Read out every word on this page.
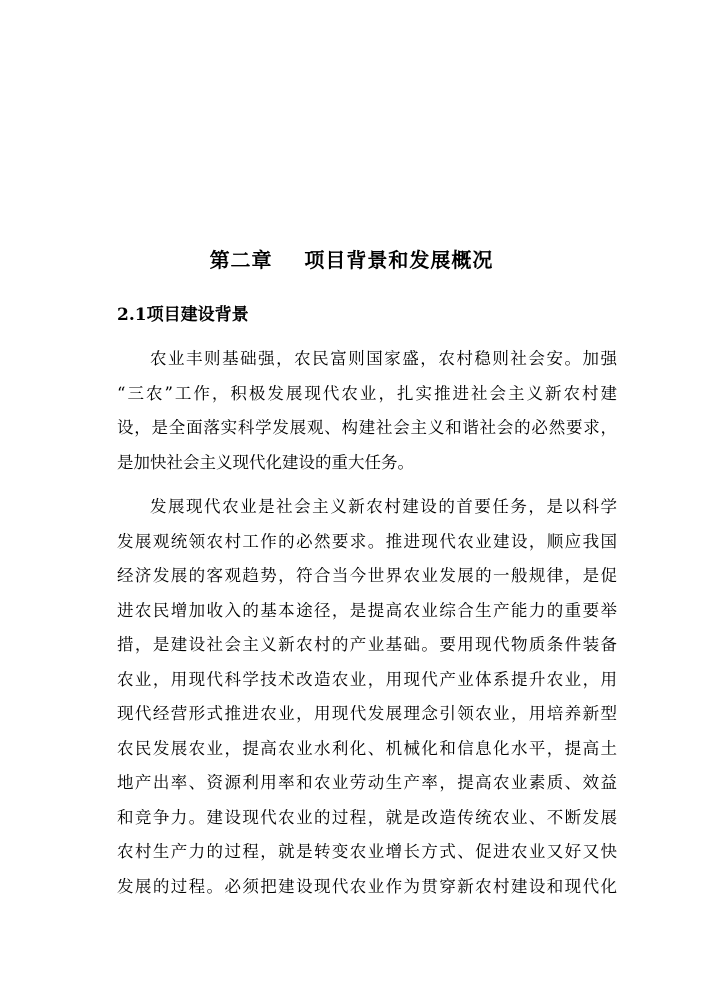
第二章    项目背景和发展概况
2.1项目建设背景
农业丰则基础强，农民富则国家盛，农村稳则社会安。加强
“三农”工作，积极发展现代农业，扎实推进社会主义新农村建
设，是全面落实科学发展观、构建社会主义和谐社会的必然要求，
是加快社会主义现代化建设的重大任务。
发展现代农业是社会主义新农村建设的首要任务，是以科学
发展观统领农村工作的必然要求。推进现代农业建设，顺应我国
经济发展的客观趋势，符合当今世界农业发展的一般规律，是促
进农民增加收入的基本途径，是提高农业综合生产能力的重要举
措，是建设社会主义新农村的产业基础。要用现代物质条件装备
农业，用现代科学技术改造农业，用现代产业体系提升农业，用
现代经营形式推进农业，用现代发展理念引领农业，用培养新型
农民发展农业，提高农业水利化、机械化和信息化水平，提高土
地产出率、资源利用率和农业劳动生产率，提高农业素质、效益
和竞争力。建设现代农业的过程，就是改造传统农业、不断发展
农村生产力的过程，就是转变农业增长方式、促进农业又好又快
发展的过程。必须把建设现代农业作为贯穿新农村建设和现代化
